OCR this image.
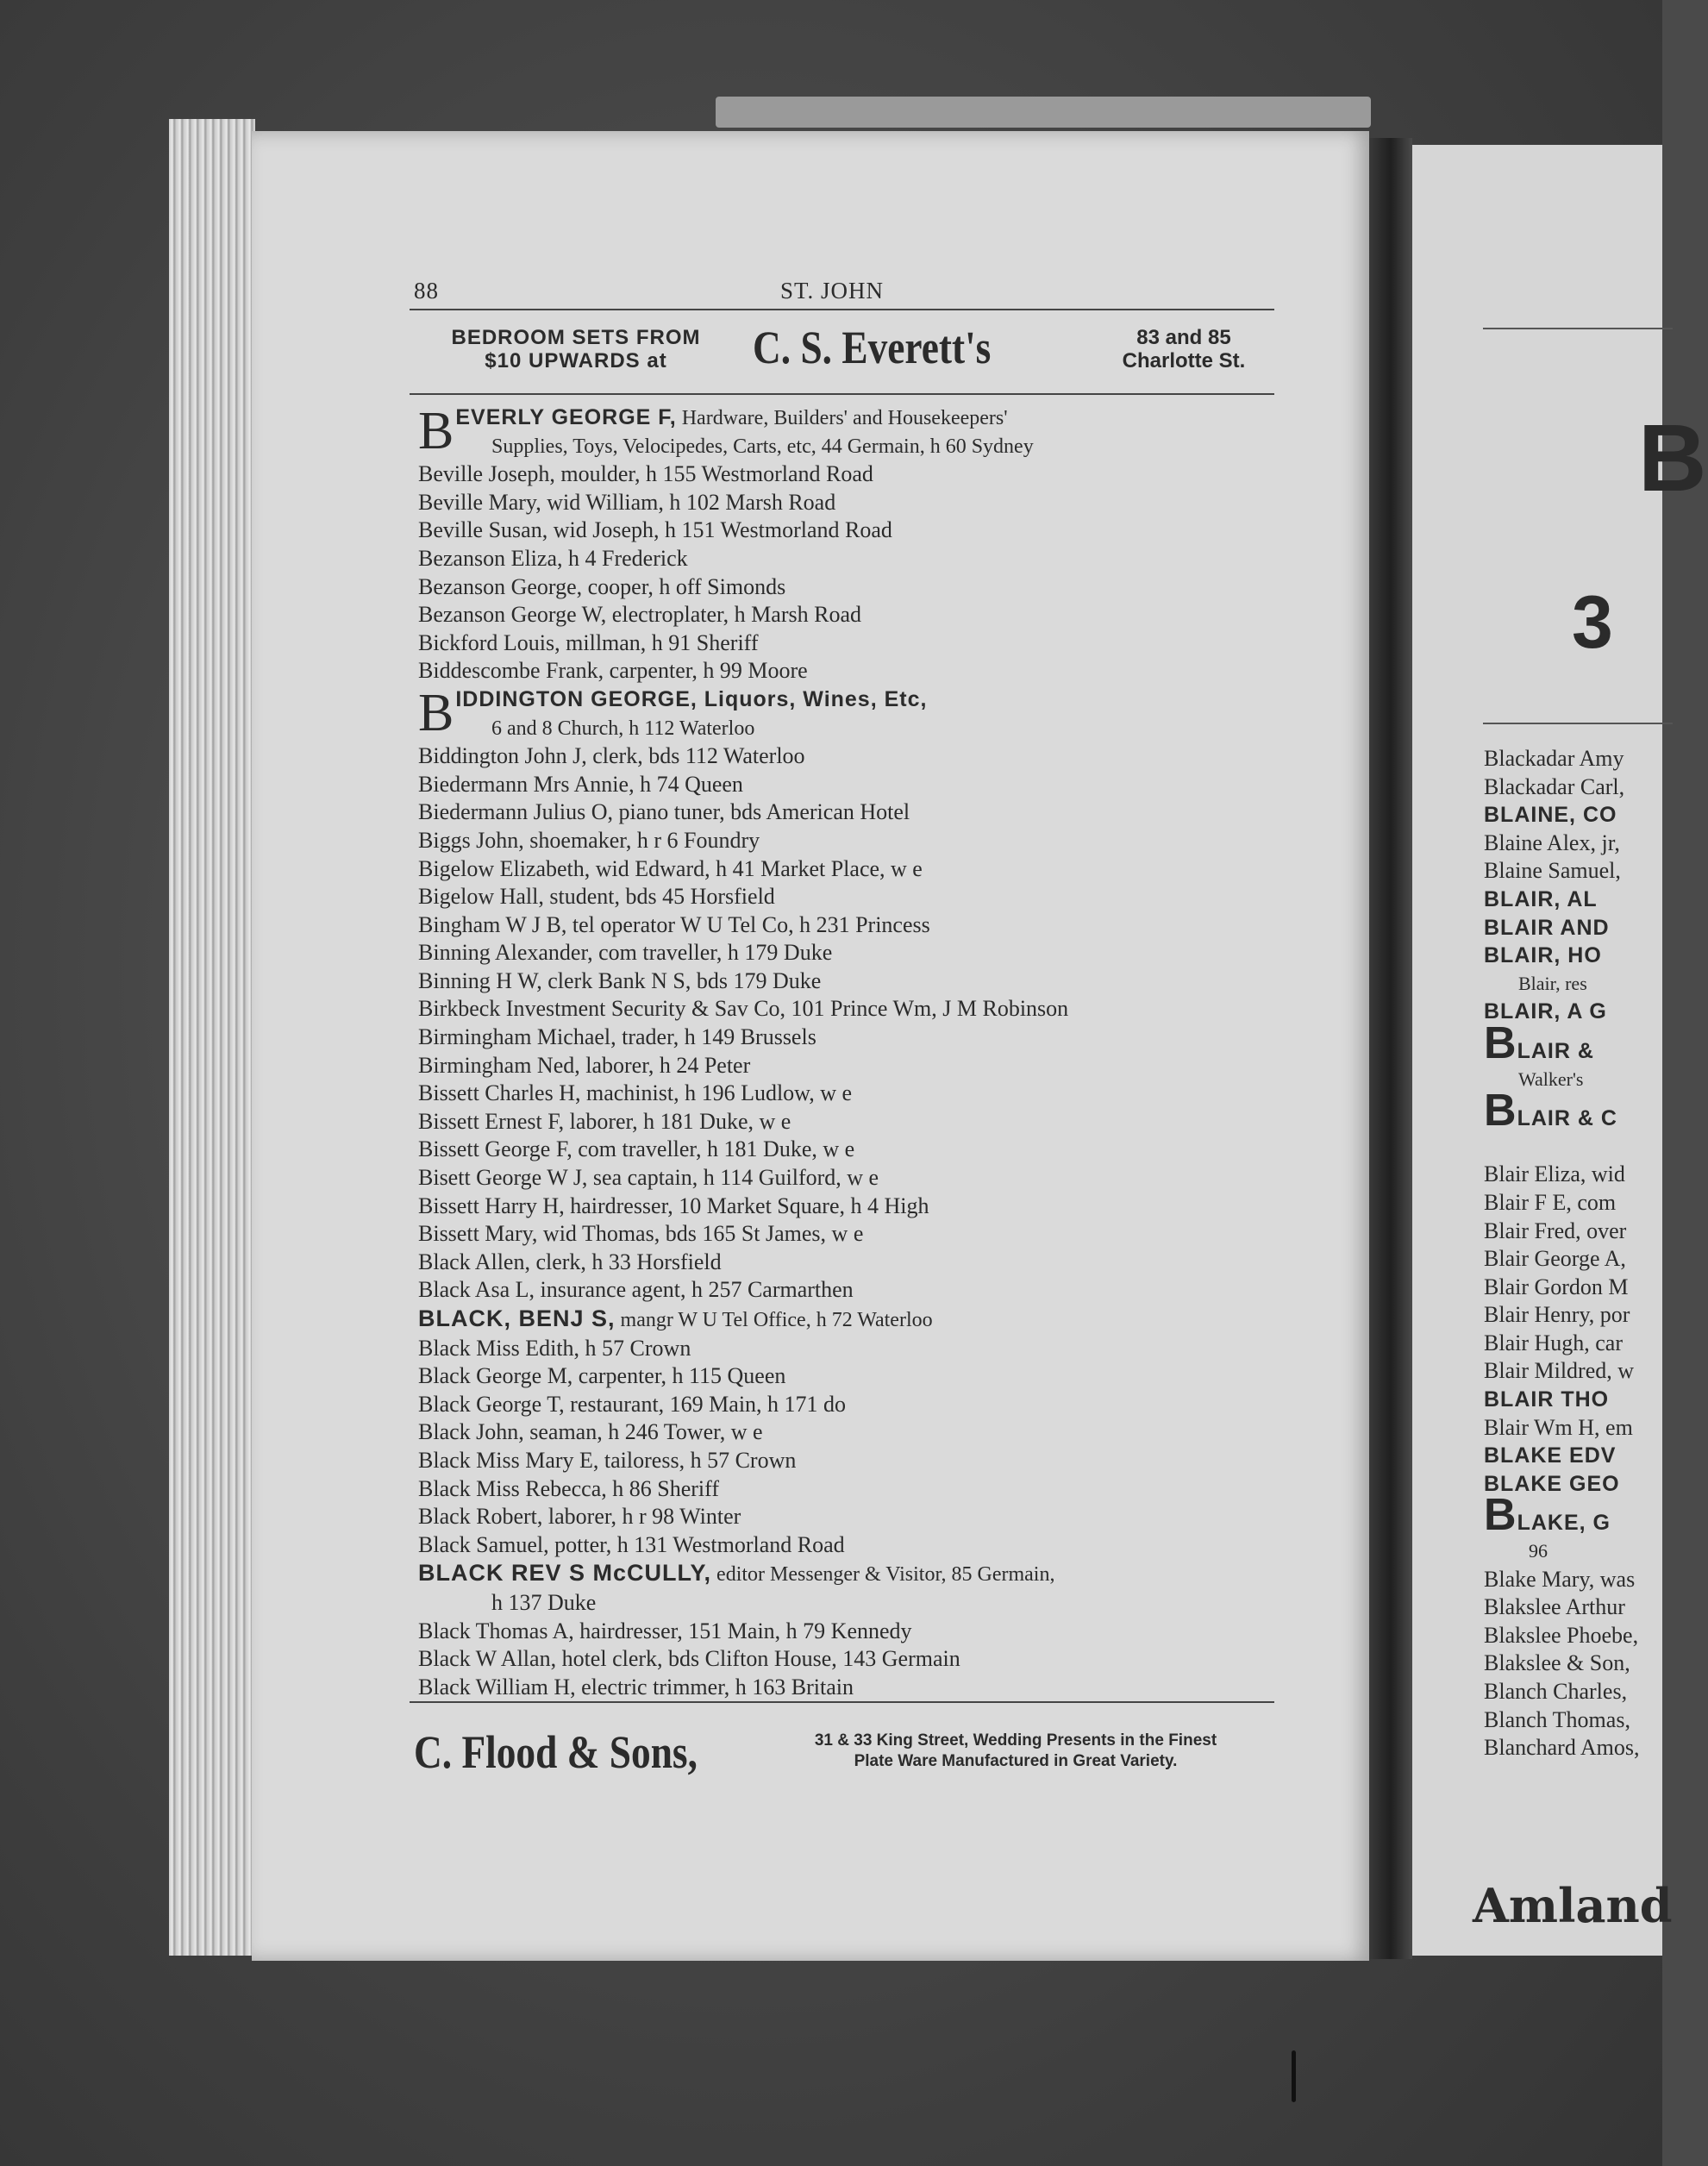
B
3
Blackadar Amy
Blackadar Carl,
BLAINE, CO
Blaine Alex, jr,
Blaine Samuel,
BLAIR, AL
BLAIR AND
BLAIR, HO
Blair, res
BLAIR, A G
BLAIR &
Walker's
BLAIR & C

Blair Eliza, wid
Blair F E, com
Blair Fred, over
Blair George A,
Blair Gordon M
Blair Henry, por
Blair Hugh, car
Blair Mildred, w
BLAIR THO
Blair Wm H, em
BLAKE EDV
BLAKE GEO
BLAKE, G
96
Blake Mary, was
Blakslee Arthur
Blakslee Phoebe,
Blakslee & Son,
Blanch Charles,
Blanch Thomas,
Blanchard Amos,
Amland
88	ST. JOHN
BEDROOM SETS FROM
$10 UPWARDS at	C. S. Everett's	83 and 85
Charlotte St.
BEVERLY GEORGE F, Hardware, Builders' and Housekeepers'
Supplies, Toys, Velocipedes, Carts, etc, 44 Germain, h 60 Sydney
Beville Joseph, moulder, h 155 Westmorland Road
Beville Mary, wid William, h 102 Marsh Road
Beville Susan, wid Joseph, h 151 Westmorland Road
Bezanson Eliza, h 4 Frederick
Bezanson George, cooper, h off Simonds
Bezanson George W, electroplater, h Marsh Road
Bickford Louis, millman, h 91 Sheriff
Biddescombe Frank, carpenter, h 99 Moore
BIDDINGTON GEORGE, Liquors, Wines, Etc,
6 and 8 Church, h 112 Waterloo
Biddington John J, clerk, bds 112 Waterloo
Biedermann Mrs Annie, h 74 Queen
Biedermann Julius O, piano tuner, bds American Hotel
Biggs John, shoemaker, h r 6 Foundry
Bigelow Elizabeth, wid Edward, h 41 Market Place, w e
Bigelow Hall, student, bds 45 Horsfield
Bingham W J B, tel operator W U Tel Co, h 231 Princess
Binning Alexander, com traveller, h 179 Duke
Binning H W, clerk Bank N S, bds 179 Duke
Birkbeck Investment Security & Sav Co, 101 Prince Wm, J M Robinson
Birmingham Michael, trader, h 149 Brussels
Birmingham Ned, laborer, h 24 Peter
Bissett Charles H, machinist, h 196 Ludlow, w e
Bissett Ernest F, laborer, h 181 Duke, w e
Bissett George F, com traveller, h 181 Duke, w e
Bisett George W J, sea captain, h 114 Guilford, w e
Bissett Harry H, hairdresser, 10 Market Square, h 4 High
Bissett Mary, wid Thomas, bds 165 St James, w e
Black Allen, clerk, h 33 Horsfield
Black Asa L, insurance agent, h 257 Carmarthen
BLACK, BENJ S, mangr W U Tel Office, h 72 Waterloo
Black Miss Edith, h 57 Crown
Black George M, carpenter, h 115 Queen
Black George T, restaurant, 169 Main, h 171 do
Black John, seaman, h 246 Tower, w e
Black Miss Mary E, tailoress, h 57 Crown
Black Miss Rebecca, h 86 Sheriff
Black Robert, laborer, h r 98 Winter
Black Samuel, potter, h 131 Westmorland Road
BLACK REV S McCULLY, editor Messenger & Visitor, 85 Germain,
h 137 Duke
Black Thomas A, hairdresser, 151 Main, h 79 Kennedy
Black W Allan, hotel clerk, bds Clifton House, 143 Germain
Black William H, electric trimmer, h 163 Britain
C. Flood & Sons,	31 & 33 King Street, Wedding Presents in the Finest
Plate Ware Manufactured in Great Variety.
